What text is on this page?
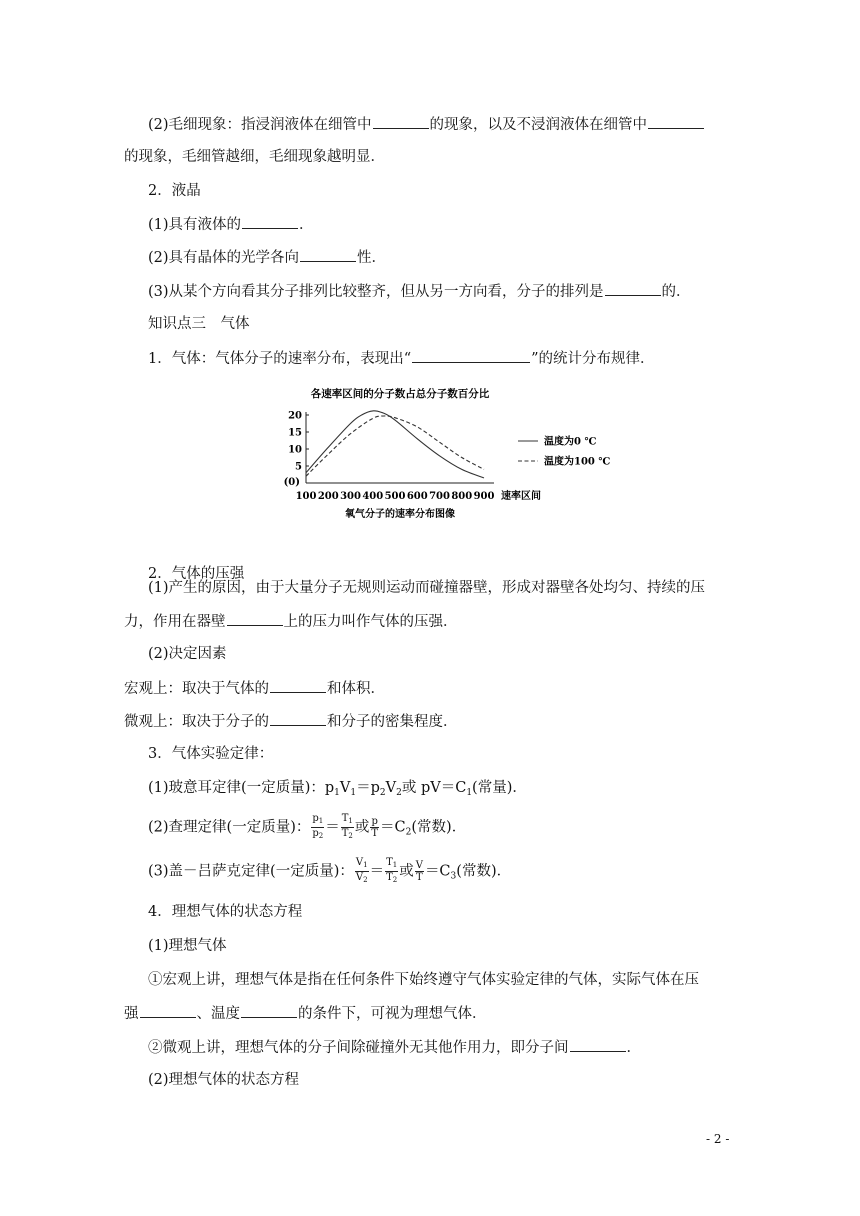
(2)毛细现象：指浸润液体在细管中	的现象，以及不浸润液体在细管中
的现象，毛细管越细，毛细现象越明显．
2．液晶
(1)具有液体的	．
(2)具有晶体的光学各向	性．
(3)从某个方向看其分子排列比较整齐，但从另一方向看，分子的排列是	的．
知识点三　气体
1．气体：气体分子的速率分布，表现出“	”的统计分布规律．
各速率区间的分子数占总分子数百分比
20
15
10
5
(0)
100 200 300 400 500 600 700 800 900 速率区间
氧气分子的速率分布图像
温度为0 ℃
温度为100 ℃
2．气体的压强
(1)产生的原因，由于大量分子无规则运动而碰撞器壁，形成对器壁各处均匀、持续的压
力，作用在器壁	上的压力叫作气体的压强．
(2)决定因素
宏观上：取决于气体的	和体积．
微观上：取决于分子的	和分子的密集程度．
3．气体实验定律：
(1)玻意耳定律(一定质量)：$p_1V_1=p_2V_2$或 $pV=C_1$(常量)．
(2)查理定律(一定质量)： $\frac{p_1}{p_2} = \frac{T_1}{T_2}$ 或 $\frac{p}{T} =C_2$(常数)．
(3)盖－吕萨克定律(一定质量)： $\frac{V_1}{V_2} = \frac{T_1}{T_2}$ 或 $\frac{V}{T} =C_3$(常数)．
4．理想气体的状态方程
(1)理想气体
①宏观上讲，理想气体是指在任何条件下始终遵守气体实验定律的气体，实际气体在压
强	、温度	的条件下，可视为理想气体．
②微观上讲，理想气体的分子间除碰撞外无其他作用力，即分子间	．
(2)理想气体的状态方程
- 2 -
